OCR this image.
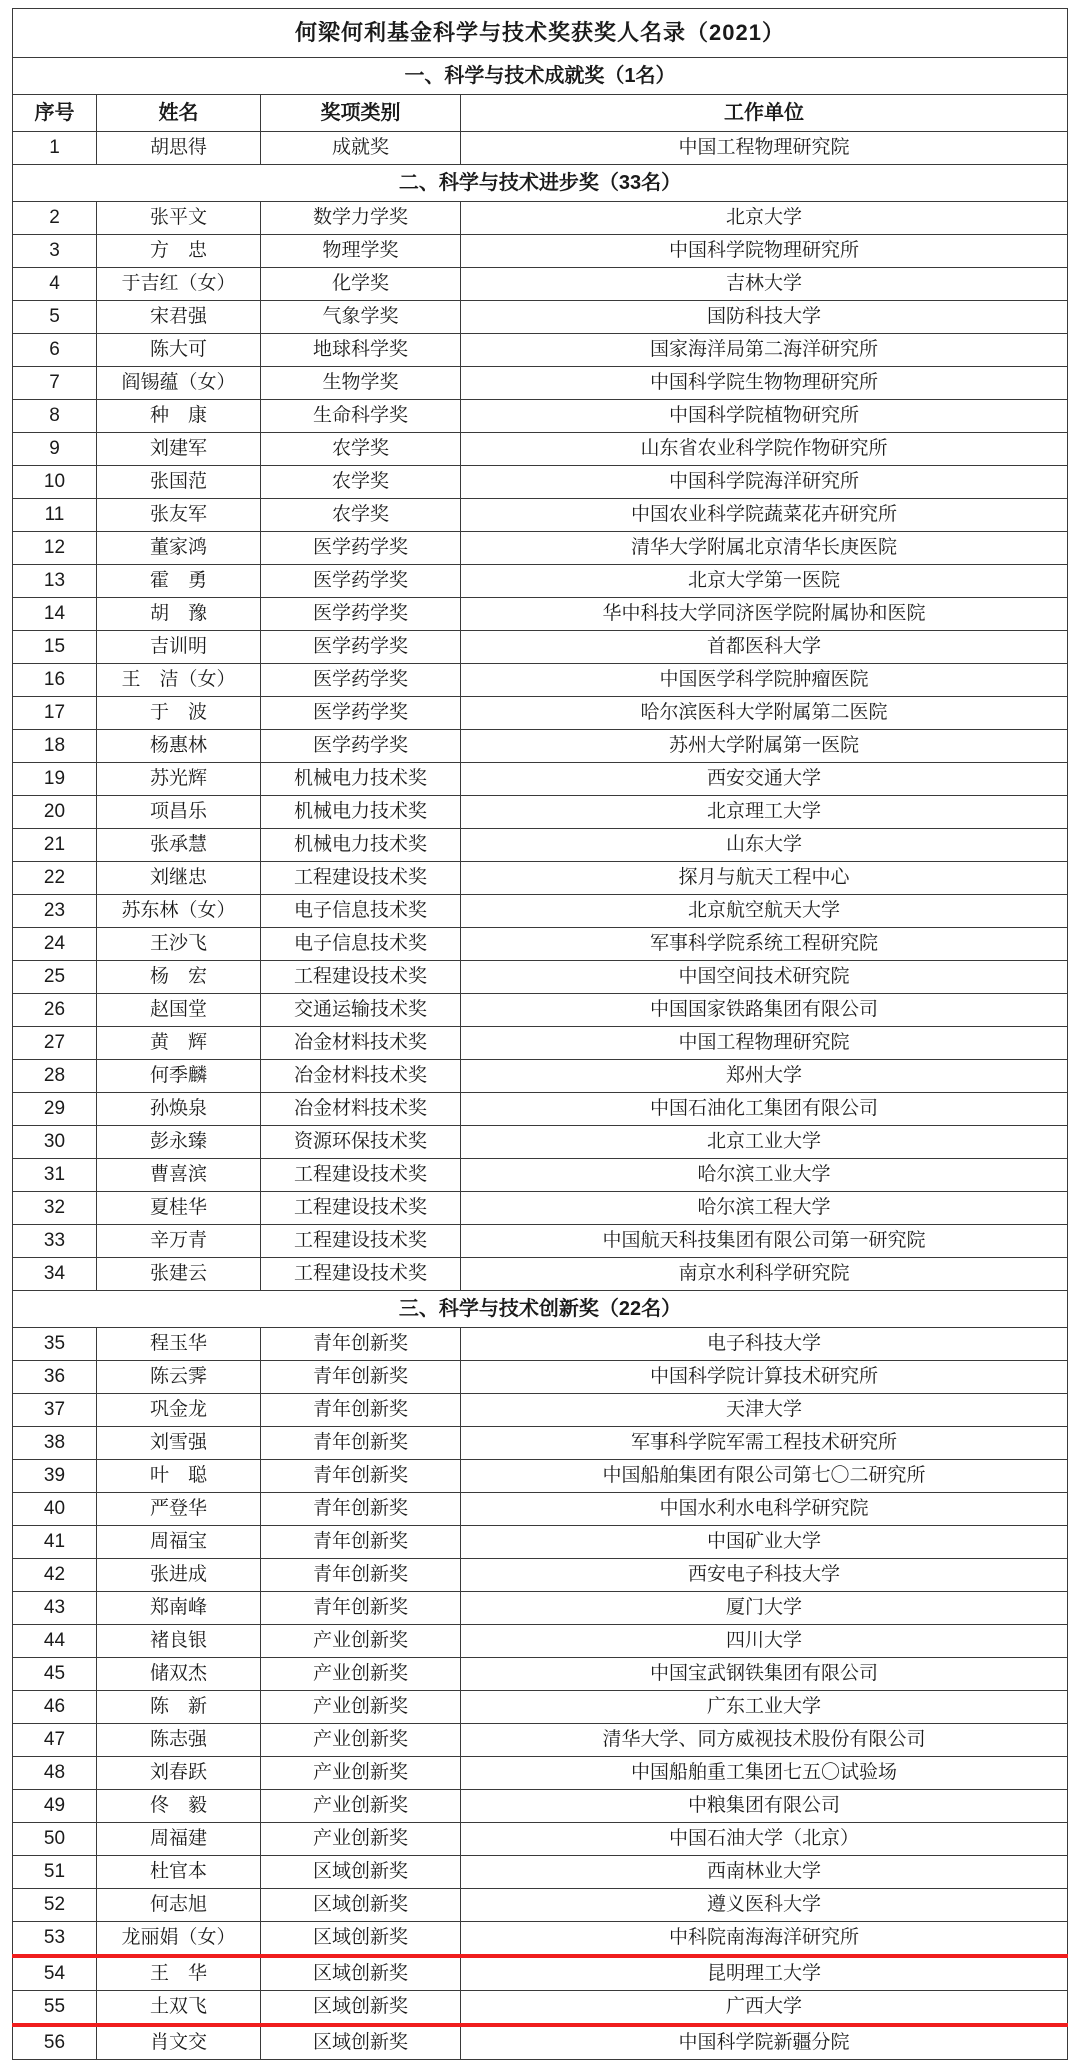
何梁何利基金科学与技术奖获奖人名录（2021）			
一、科学与技术成就奖（1名）			
序号	姓名	奖项类别	工作单位
1	胡思得	成就奖	中国工程物理研究院
二、科学与技术进步奖（33名）			
2	张平文	数学力学奖	北京大学
3	方　忠	物理学奖	中国科学院物理研究所
4	于吉红（女）	化学奖	吉林大学
5	宋君强	气象学奖	国防科技大学
6	陈大可	地球科学奖	国家海洋局第二海洋研究所
7	阎锡蕴（女）	生物学奖	中国科学院生物物理研究所
8	种　康	生命科学奖	中国科学院植物研究所
9	刘建军	农学奖	山东省农业科学院作物研究所
10	张国范	农学奖	中国科学院海洋研究所
11	张友军	农学奖	中国农业科学院蔬菜花卉研究所
12	董家鸿	医学药学奖	清华大学附属北京清华长庚医院
13	霍　勇	医学药学奖	北京大学第一医院
14	胡　豫	医学药学奖	华中科技大学同济医学院附属协和医院
15	吉训明	医学药学奖	首都医科大学
16	王　洁（女）	医学药学奖	中国医学科学院肿瘤医院
17	于　波	医学药学奖	哈尔滨医科大学附属第二医院
18	杨惠林	医学药学奖	苏州大学附属第一医院
19	苏光辉	机械电力技术奖	西安交通大学
20	项昌乐	机械电力技术奖	北京理工大学
21	张承慧	机械电力技术奖	山东大学
22	刘继忠	工程建设技术奖	探月与航天工程中心
23	苏东林（女）	电子信息技术奖	北京航空航天大学
24	王沙飞	电子信息技术奖	军事科学院系统工程研究院
25	杨　宏	工程建设技术奖	中国空间技术研究院
26	赵国堂	交通运输技术奖	中国国家铁路集团有限公司
27	黄　辉	冶金材料技术奖	中国工程物理研究院
28	何季麟	冶金材料技术奖	郑州大学
29	孙焕泉	冶金材料技术奖	中国石油化工集团有限公司
30	彭永臻	资源环保技术奖	北京工业大学
31	曹喜滨	工程建设技术奖	哈尔滨工业大学
32	夏桂华	工程建设技术奖	哈尔滨工程大学
33	辛万青	工程建设技术奖	中国航天科技集团有限公司第一研究院
34	张建云	工程建设技术奖	南京水利科学研究院
三、科学与技术创新奖（22名）			
35	程玉华	青年创新奖	电子科技大学
36	陈云霁	青年创新奖	中国科学院计算技术研究所
37	巩金龙	青年创新奖	天津大学
38	刘雪强	青年创新奖	军事科学院军需工程技术研究所
39	叶　聪	青年创新奖	中国船舶集团有限公司第七〇二研究所
40	严登华	青年创新奖	中国水利水电科学研究院
41	周福宝	青年创新奖	中国矿业大学
42	张进成	青年创新奖	西安电子科技大学
43	郑南峰	青年创新奖	厦门大学
44	褚良银	产业创新奖	四川大学
45	储双杰	产业创新奖	中国宝武钢铁集团有限公司
46	陈　新	产业创新奖	广东工业大学
47	陈志强	产业创新奖	清华大学、同方威视技术股份有限公司
48	刘春跃	产业创新奖	中国船舶重工集团七五〇试验场
49	佟　毅	产业创新奖	中粮集团有限公司
50	周福建	产业创新奖	中国石油大学（北京）
51	杜官本	区域创新奖	西南林业大学
52	何志旭	区域创新奖	遵义医科大学
53	龙丽娟（女）	区域创新奖	中科院南海海洋研究所
54	王　华	区域创新奖	昆明理工大学
55	土双飞	区域创新奖	广西大学
56	肖文交	区域创新奖	中国科学院新疆分院
